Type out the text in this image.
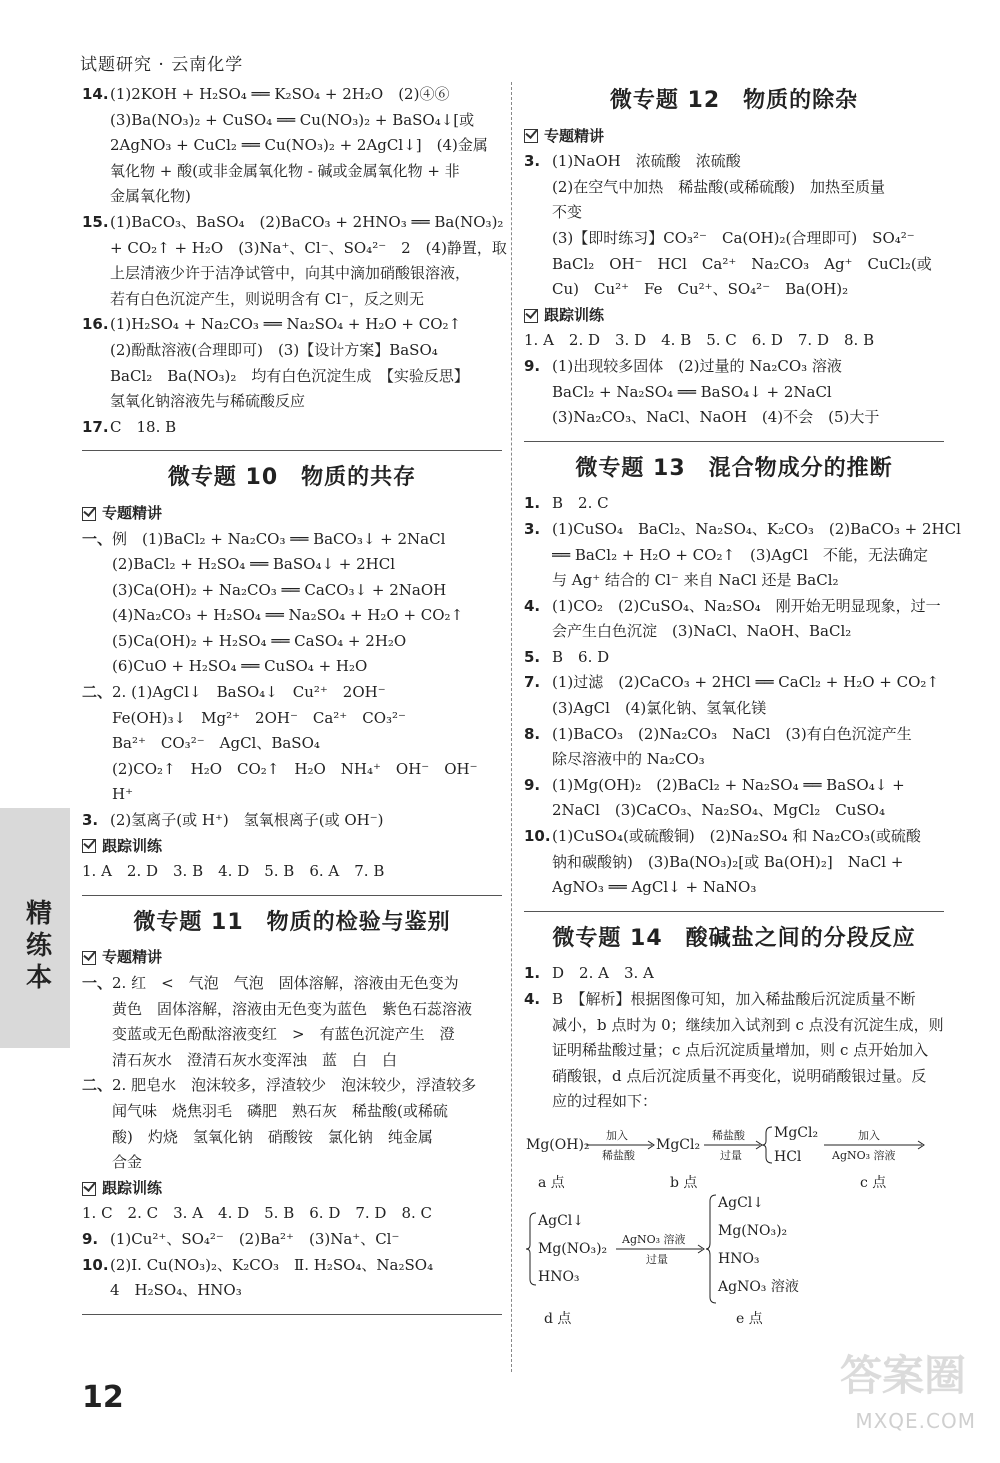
试题研究 · 云南化学
14. (1)2KOH + H₂SO₄ ══ K₂SO₄ + 2H₂O　(2)④⑥
(3)Ba(NO₃)₂ + CuSO₄ ══ Cu(NO₃)₂ + BaSO₄↓[或
2AgNO₃ + CuCl₂ ══ Cu(NO₃)₂ + 2AgCl↓]　(4)金属
氧化物 + 酸(或非金属氧化物 - 碱或金属氧化物 + 非
金属氧化物)
15. (1)BaCO₃、BaSO₄　(2)BaCO₃ + 2HNO₃ ══ Ba(NO₃)₂
+ CO₂↑ + H₂O　(3)Na⁺、Cl⁻、SO₄²⁻　2　(4)静置，取
上层清液少许于洁净试管中，向其中滴加硝酸银溶液，
若有白色沉淀产生，则说明含有 Cl⁻，反之则无
16. (1)H₂SO₄ + Na₂CO₃ ══ Na₂SO₄ + H₂O + CO₂↑
(2)酚酞溶液(合理即可)　(3)【设计方案】BaSO₄
BaCl₂　Ba(NO₃)₂　均有白色沉淀生成　【实验反思】
氢氧化钠溶液先与稀硫酸反应
17. C　18. B
微专题 10　物质的共存
专题精讲
一、 例　(1)BaCl₂ + Na₂CO₃ ══ BaCO₃↓ + 2NaCl
(2)BaCl₂ + H₂SO₄ ══ BaSO₄↓ + 2HCl
(3)Ca(OH)₂ + Na₂CO₃ ══ CaCO₃↓ + 2NaOH
(4)Na₂CO₃ + H₂SO₄ ══ Na₂SO₄ + H₂O + CO₂↑
(5)Ca(OH)₂ + H₂SO₄ ══ CaSO₄ + 2H₂O
(6)CuO + H₂SO₄ ══ CuSO₄ + H₂O
二、 2. (1)AgCl↓　BaSO₄↓　Cu²⁺　2OH⁻
Fe(OH)₃↓　Mg²⁺　2OH⁻　Ca²⁺　CO₃²⁻
Ba²⁺　CO₃²⁻　AgCl、BaSO₄
(2)CO₂↑　H₂O　CO₂↑　H₂O　NH₄⁺　OH⁻　OH⁻
H⁺
3. (2)氢离子(或 H⁺)　氢氧根离子(或 OH⁻)
跟踪训练
1. A　2. D　3. B　4. D　5. B　6. A　7. B
微专题 11　物质的检验与鉴别
专题精讲
一、 2. 红　<　气泡　气泡　固体溶解，溶液由无色变为
黄色　固体溶解，溶液由无色变为蓝色　紫色石蕊溶液
变蓝或无色酚酞溶液变红　>　有蓝色沉淀产生　澄
清石灰水　澄清石灰水变浑浊　蓝　白　白
二、 2. 肥皂水　泡沫较多，浮渣较少　泡沫较少，浮渣较多
闻气味　烧焦羽毛　磷肥　熟石灰　稀盐酸(或稀硫
酸)　灼烧　氢氧化钠　硝酸铵　氯化钠　纯金属
合金
跟踪训练
1. C　2. C　3. A　4. D　5. B　6. D　7. D　8. C
9. (1)Cu²⁺、SO₄²⁻　(2)Ba²⁺　(3)Na⁺、Cl⁻
10. (2)Ⅰ. Cu(NO₃)₂、K₂CO₃　Ⅱ. H₂SO₄、Na₂SO₄
4　H₂SO₄、HNO₃
微专题 12　物质的除杂
专题精讲
3. (1)NaOH　浓硫酸　浓硫酸
(2)在空气中加热　稀盐酸(或稀硫酸)　加热至质量
不变
(3)【即时练习】CO₃²⁻　Ca(OH)₂(合理即可)　SO₄²⁻
BaCl₂　OH⁻　HCl　Ca²⁺　Na₂CO₃　Ag⁺　CuCl₂(或
Cu)　Cu²⁺　Fe　Cu²⁺、SO₄²⁻　Ba(OH)₂
跟踪训练
1. A　2. D　3. D　4. B　5. C　6. D　7. D　8. B
9. (1)出现较多固体　(2)过量的 Na₂CO₃ 溶液
BaCl₂ + Na₂SO₄ ══ BaSO₄↓ + 2NaCl
(3)Na₂CO₃、NaCl、NaOH　(4)不会　(5)大于
微专题 13　混合物成分的推断
1. B　2. C
3. (1)CuSO₄　BaCl₂、Na₂SO₄、K₂CO₃　(2)BaCO₃ + 2HCl
══ BaCl₂ + H₂O + CO₂↑　(3)AgCl　不能，无法确定
与 Ag⁺ 结合的 Cl⁻ 来自 NaCl 还是 BaCl₂
4. (1)CO₂　(2)CuSO₄、Na₂SO₄　刚开始无明显现象，过一
会产生白色沉淀　(3)NaCl、NaOH、BaCl₂
5. B　6. D
7. (1)过滤　(2)CaCO₃ + 2HCl ══ CaCl₂ + H₂O + CO₂↑
(3)AgCl　(4)氯化钠、氢氧化镁
8. (1)BaCO₃　(2)Na₂CO₃　NaCl　(3)有白色沉淀产生
除尽溶液中的 Na₂CO₃
9. (1)Mg(OH)₂　(2)BaCl₂ + Na₂SO₄ ══ BaSO₄↓ +
2NaCl　(3)CaCO₃、Na₂SO₄、MgCl₂　CuSO₄
10. (1)CuSO₄(或硫酸铜)　(2)Na₂SO₄ 和 Na₂CO₃(或硫酸
钠和碳酸钠)　(3)Ba(NO₃)₂[或 Ba(OH)₂]　NaCl +
AgNO₃ ══ AgCl↓ + NaNO₃
微专题 14　酸碱盐之间的分段反应
1. D　2. A　3. A
4. B　【解析】根据图像可知，加入稀盐酸后沉淀质量不断
减小，b 点时为 0；继续加入试剂到 c 点没有沉淀生成，则
证明稀盐酸过量；c 点后沉淀质量增加，则 c 点开始加入
硝酸银，d 点后沉淀质量不再变化，说明硝酸银过量。反
应的过程如下：
Mg(OH)₂
加入
稀盐酸
MgCl₂
稀盐酸
过量
MgCl₂
HCl
加入
AgNO₃ 溶液
a 点	b 点	c 点
AgCl↓
Mg(NO₃)₂
HNO₃
AgNO₃ 溶液
过量
AgCl↓
Mg(NO₃)₂
HNO₃
AgNO₃ 溶液
d 点	e 点
精练本
12	答案圈
MXQE.COM
